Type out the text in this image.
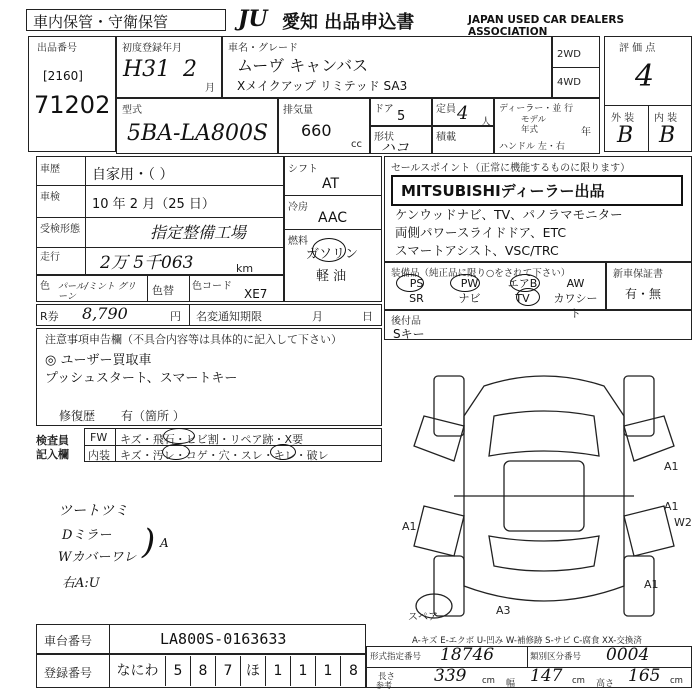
車内保管・守衛保管	JU 愛知 出品申込書	JAPAN USED CAR DEALERS ASSOCIATION
出品番号
[2160]
71202
初度登録年月
H31 2
月
車名・グレード
ムーヴ キャンバス
Xメイクアップ リミテッド SA3
2WD
4WD
評 価 点
4
外 装 内 装
B B
型式
5BA-LA800S
排気量
660
cc
ドア 5	定員 4 人
形状
ハコ
積載
ディーラー・並 行
モデル
年式	年
ハンドル 左・右
車歴 自家用・（ ）
車検 10 年 2 月（25 日）
受検形態	指定整備工場
走行 2万 5千063	km
色 パール/ミント グリーン	色替 色コード
XE7
シフト
AT
冷房
AAC
燃料
ガソリン
軽 油
セールスポイント（正常に機能するものに限ります）
MITSUBISHIディーラー出品
ケンウッドナビ、TV、パノラマモニター
両側パワースライドドア、ETC
スマートアシスト、VSC/TRC
装備品（純正品に限り○をされて下さい）
PS	PW	エアB	AW
SR	ナビ	TV	カワシート
新車保証書
有・無
R券 8,790	円 名変通知期限	月	日 後付品
Sキー
注意事項申告欄（不具合内容等は具体的に記入して下さい）
◎ ユーザー買取車
プッシュスタート、スマートキー
修復歴 有（箇所 ）
検査員
記入欄
FW キズ・飛石・ヒビ割・リペア跡・X要
内装 キズ・汚レ・コゲ・穴・スレ・キレ・破レ
ツートツミ
Dミラー
Wカバーワレ
右A:U
) A
A1
A1
A1
W2
A1
A3
スペア
A-キズ E-エクボ U-凹み W-補修跡 S-サビ C-腐食 XX-交換済
車台番号	LA800S-0163633
登録番号	なにわ	5	8	7 ほ 1	1	1	8
形式指定番号 18746	類別区分番号 0004
長さ
参考 339 cm 幅 147 cm 高さ 165 cm
